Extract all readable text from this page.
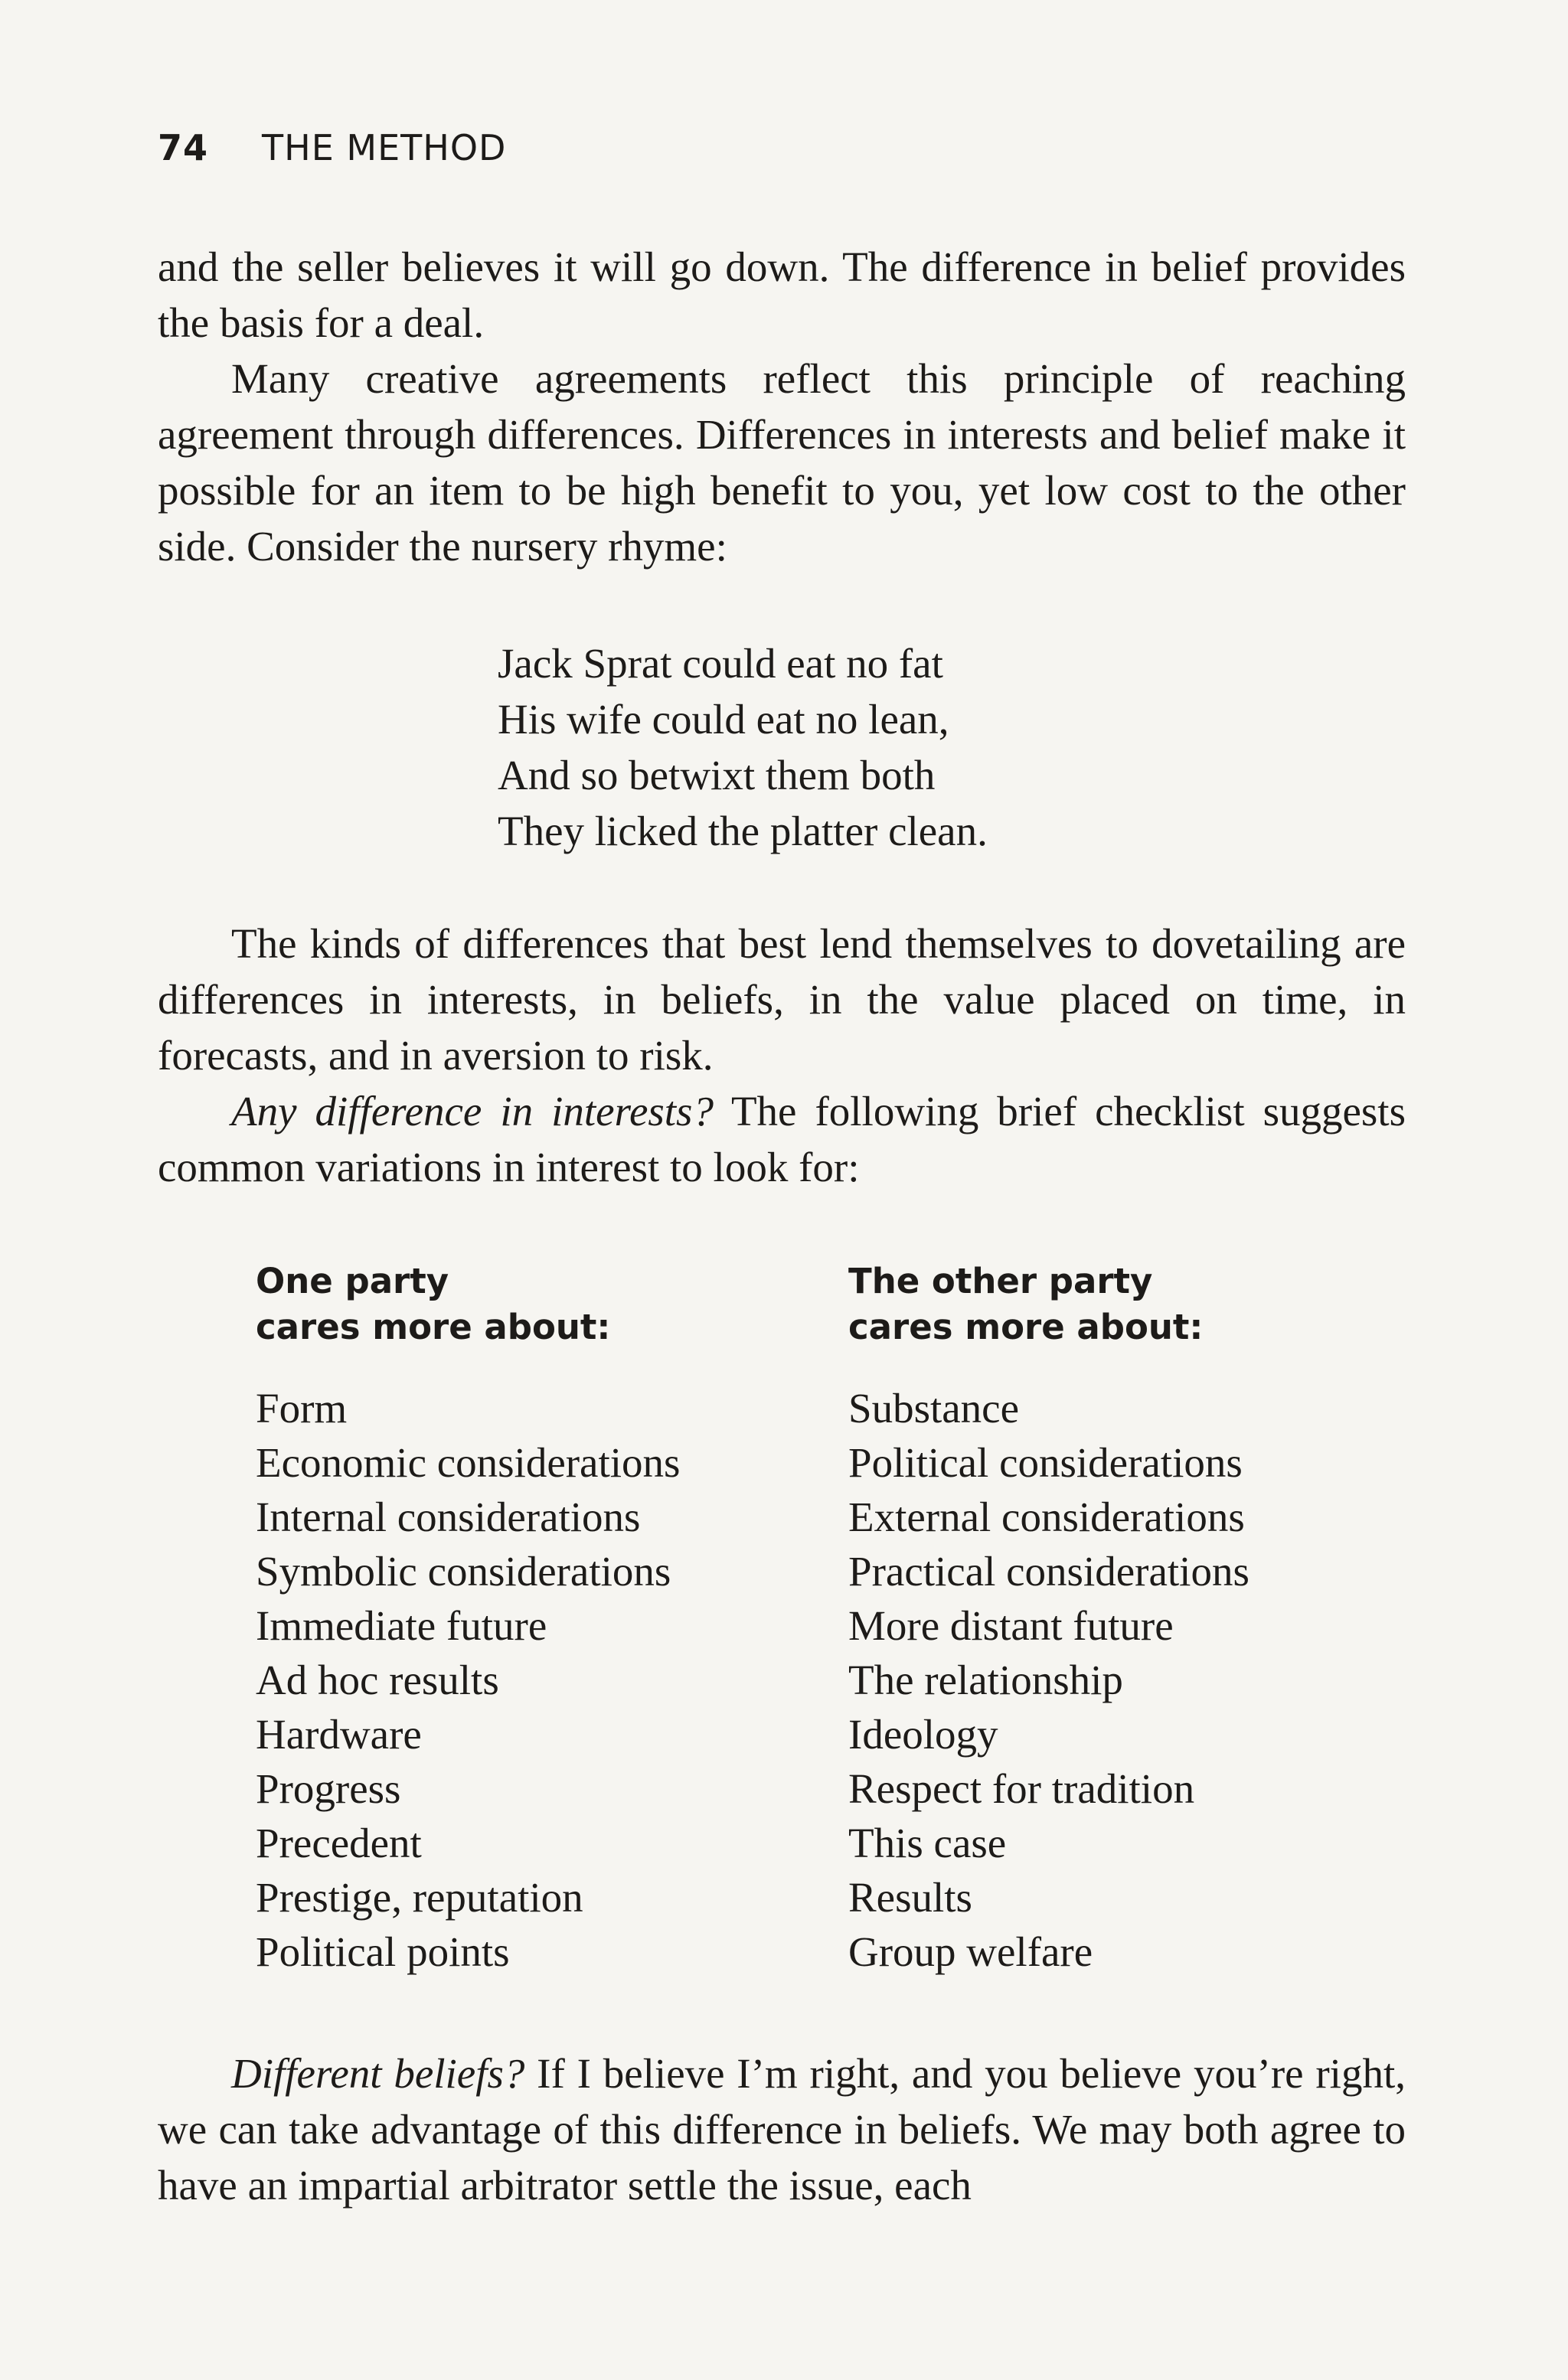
74 THE METHOD

and the seller believes it will go down. The difference in belief provides the basis for a deal.

Many creative agreements reflect this principle of reaching agreement through differences. Differences in interests and belief make it possible for an item to be high benefit to you, yet low cost to the other side. Consider the nursery rhyme:

Jack Sprat could eat no fat
His wife could eat no lean,
And so betwixt them both
They licked the platter clean.

The kinds of differences that best lend themselves to dovetailing are differences in interests, in beliefs, in the value placed on time, in forecasts, and in aversion to risk.

Any difference in interests? The following brief checklist suggests common variations in interest to look for:

One party
cares more about:
Form
Economic considerations
Internal considerations
Symbolic considerations
Immediate future
Ad hoc results
Hardware
Progress
Precedent
Prestige, reputation
Political points
The other party
cares more about:
Substance
Political considerations
External considerations
Practical considerations
More distant future
The relationship
Ideology
Respect for tradition
This case
Results
Group welfare

Different beliefs? If I believe I’m right, and you believe you’re right, we can take advantage of this difference in beliefs. We may both agree to have an impartial arbitrator settle the issue, each
